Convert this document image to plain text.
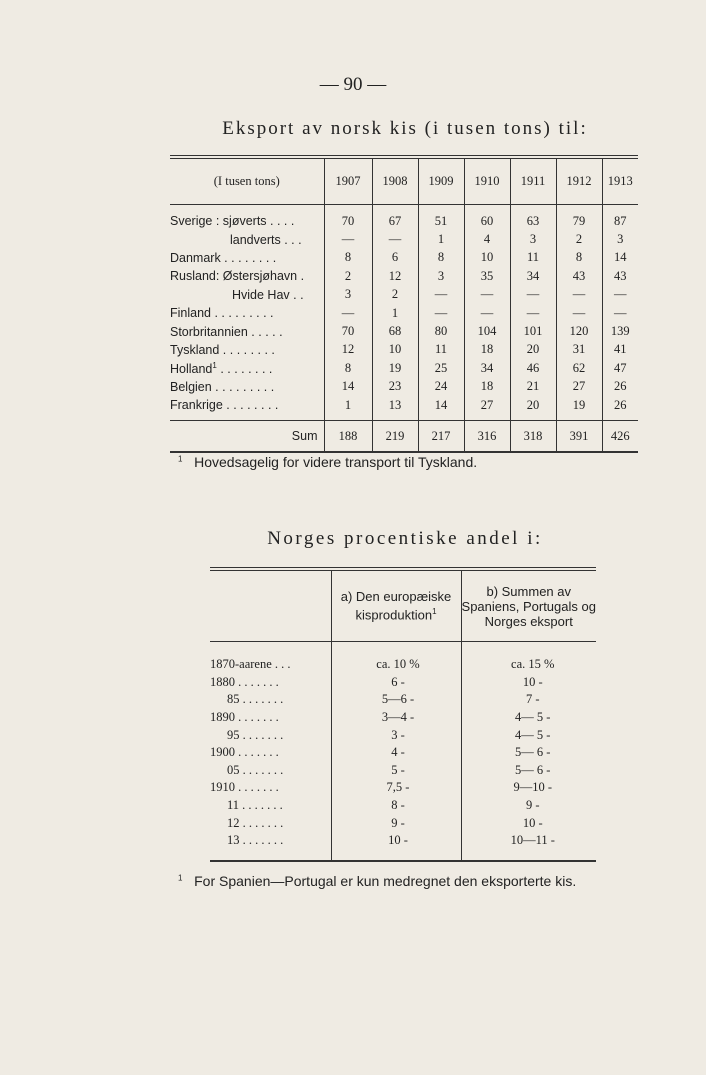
— 90 —
Eksport av norsk kis (i tusen tons) til:
(I tusen tons)	1907	1908	1909	1910	1911	1912	1913
Sverige : sjøverts . . . .	70	67	51	60	63	79	87
landverts . . .	—	—	1	4	3	2	3
Danmark . . . . . . . .	8	6	8	10	11	8	14
Rusland: Østersjøhavn .	2	12	3	35	34	43	43
Hvide Hav . .	3	2	—	—	—	—	—
Finland . . . . . . . . .	—	1	—	—	—	—	—
Storbritannien . . . . .	70	68	80	104	101	120	139
Tyskland . . . . . . . .	12	10	11	18	20	31	41
Holland$^1$ . . . . . . . .	8	19	25	34	46	62	47
Belgien . . . . . . . . .	14	23	24	18	21	27	26
Frankrige . . . . . . . .	1	13	14	27	20	19	26
Sum	188	219	217	316	318	391	426
$^1$ Hovedsagelig for videre transport til Tyskland.
Norges procentiske andel i:
	a) Den europæiske kisproduktion$^1$	b) Summen av Spaniens, Portugals og Norges eksport
1870-aarene . . .	ca. 10 %	ca. 15 %
1880 . . . . . . .	6 -	10 -
85 . . . . . . .	5—6 -	7 -
1890 . . . . . . .	3—4 -	4— 5 -
95 . . . . . . .	3 -	4— 5 -
1900 . . . . . . .	4 -	5— 6 -
05 . . . . . . .	5 -	5— 6 -
1910 . . . . . . .	7,5 -	9—10 -
11 . . . . . . .	8 -	9 -
12 . . . . . . .	9 -	10 -
13 . . . . . . .	10 -	10—11 -
$^1$ For Spanien—Portugal er kun medregnet den eksporterte kis.
